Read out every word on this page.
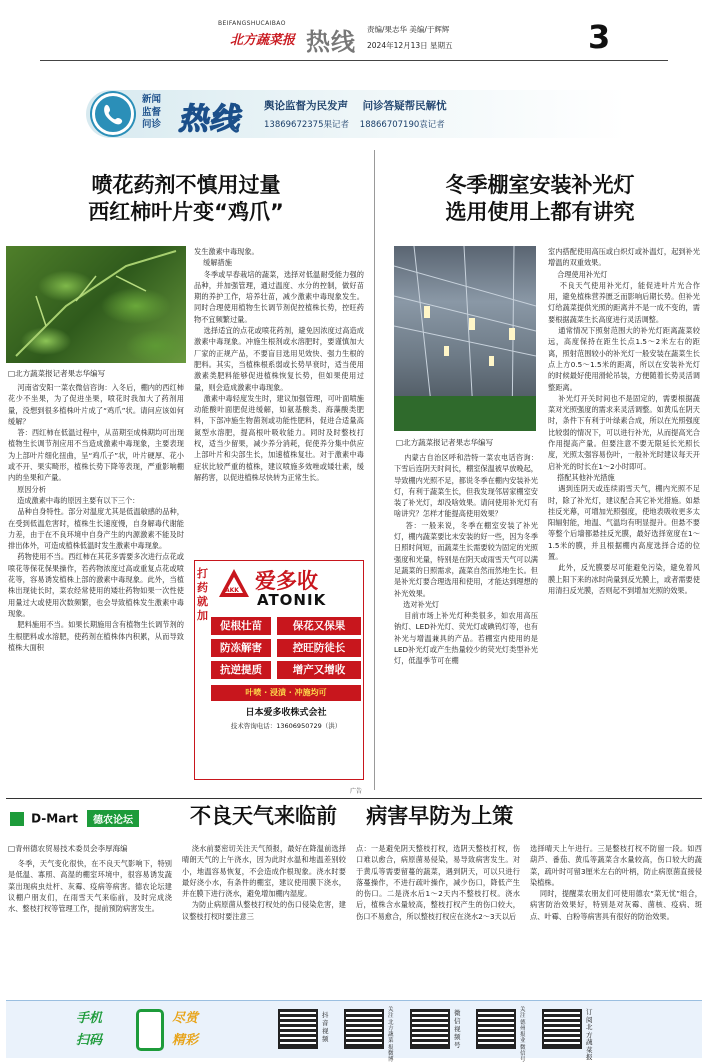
BEIFANGSHUCAIBAO
北方蔬菜报 热线 责编/果志华 美编/于辉辉
2024年12月13日 星期五	3
新闻
监督
问诊 热线 舆论监督为民发声    问诊答疑帮民解忧
13869672375果记者    18866707190袁记者
喷花药剂不慎用过量
西红柿叶片变“鸡爪”
□北方蔬菜报记者果志华编写
河南省安阳一菜农微信咨询：入冬后，棚内的西红柿花少不坐果，为了促进坐果，喷花时我加大了药剂用量，没想到很多植株叶片成了“鸡爪”状。请问应该如何缓解？
答：西红柿在低温过程中，从苗期至成株期均可出现植物生长调节剂应用不当造成激素中毒现象，主要表现为上部叶片细化扭曲，呈“鸡爪子”状，叶片硬厚、花小或不开、果实畸形，植株长势下降等表现，严重影响棚内的坐果和产量。
原因分析
造成激素中毒的原因主要有以下三个：
品种自身特性。部分对温度尤其是低温敏感的品种，在受到低温危害时，植株生长速度慢，自身解毒代谢能力差，由于在不良环境中自身产生的内源激素不能及时排出体外，可造成植株低温时发生激素中毒现象。
药物使用不当。西红柿在其花多需要多次进行点花或喷花等保花保果操作，若药物浓度过高或重复点花或喷花等，容易诱发植株上部的激素中毒现象。此外，当植株出现徒长时，菜农经常使用的矮壮药物如果一次性使用量过大或使用次数频繁，也会导致植株发生激素中毒现象。
肥料施用不当。如果长期施用含有植物生长调节剂的生根肥料或水溶肥，使药剂在植株体内积累，从而导致植株大面积
发生激素中毒现象。
缓解措施
冬季或早春栽培的蔬菜，选择对低温耐受能力强的品种，并加强管理，通过温度、水分的控制，做好苗期的养护工作，培养壮苗，减少激素中毒现象发生。同时合理使用植物生长调节剂促控植株长势，控旺药物不宜频繁过量。
选择适宜的点花或喷花药剂，避免因浓度过高造成激素中毒现象。冲施生根剂或水溶肥时，要谨慎加大厂家的正规产品，不要盲目选用见效快、强力生根的肥料。其实，当植株根系弱或长势旱衰时，适当使用激素类肥料能够促进植株恢复长势，但如果使用过量，则会造成激素中毒现象。
激素中毒轻度发生时，建议加强管理，可叶面喷施动能酸叶面肥促进缓解，如氨基酸类、海藻酸类肥料，下部冲施生物菌剂或功能性肥料，促进合适量高氮型水溶肥，提高根叶吸收能力。同时及时整枝打杈，适当少留果，减少养分消耗，促使养分集中供应上部叶片和尖部生长，加速植株复壮。对于激素中毒症状比较严重的植株，建议喷施多效唑或矮壮素，缓解药害，以促进植株尽快转为正常生长。
打药就加
AKK 爱多收
ATONIK
促根壮苗	保花又保果
防冻解害	控旺防徒长
抗逆提质	增产又增收
叶喷 · 浸渍 · 冲施均可
日本爱多收株式会社
技术咨询电话：13606950729（洪）
广告
冬季棚室安装补光灯
选用使用上都有讲究
□北方蔬菜报记者果志华编写
内蒙古自治区呼和浩特一菜农电话咨询：下雪后连阴天时间长，棚室保温被早放晚起，导致棚内光照不足，都说冬季在棚内安装补光灯，有利于蔬菜生长，但我发现邻居家棚室安装了补光灯，却没啥效果。请问使用补光灯有啥讲究？怎样才能提高使用效果？
答：一般来说，冬季在棚室安装了补光灯，棚内蔬菜要比未安装的好一些，因为冬季日照时间短，而蔬菜生长需要较为固定的光照强度和光量，特别是在阴天或雨雪天气可以满足蔬菜的日照需求，蔬菜自然而然地生长。但是补光灯要合理选用和使用，才能达到理想的补光效果。
选对补光灯
目前市场上补光灯种类很多，如农用高压钠灯、LED补光灯、荧光灯或碘钨灯等，也有补光与增温兼具的产品。若棚室内使用的是LED补光灯或产生热量较少的荧光灯类型补光灯，低温季节可在棚
室内搭配使用高压或白炽灯或补温灯，起到补光增温的双重效果。
合理使用补光灯
不良天气使用补光灯，能促进叶片光合作用，避免植株营养匮乏而影响后期长势。但补光灯给蔬菜提供光照的距离并不是一成不变的，需要根据蔬菜生长高度进行灵活调整。
通常情况下照射范围大的补光灯距离蔬菜较远，高度保持在距生长点1.5～2米左右的距离，照射范围较小的补光灯一般安装在蔬菜生长点上方0.5～1.5米的距离，所以在安装补光灯的时候最好使用滑轮吊装，方便随着长势灵活调整距离。
补光灯开关时间也不是固定的，需要根据蔬菜对光照强度的需求来灵活调整。如黄瓜在阴天时，条件下有利于叶绿素合成，所以在光照强度比较弱的情况下，可以进行补光，从而提高光合作用提高产量。但要注意不要无限延长光照长度，光照太强容易伤叶，一般补光时建议每天开启补光的时长在1～2小时即可。
搭配其他补光措施
遇到连阴天或连续雨雪天气，棚内光照不足时，除了补光灯，建议配合其它补光措施。如悬挂反光幕，可增加光照强度，使地表吸收更多太阳辐射能，地温、气温均有明显提升。但悬不要等整个后墙都悬挂反光膜，最好选择宽度在1～1.5米的膜，并且根据棚内高度选择合适的位置。
此外，反光膜要尽可能避免污染，避免着风膜上阳下来的冰时尚量到反光膜上，或者需要使用清扫反光膜，否则起不到增加光照的效果。
D-Mart 德农论坛	不良天气来临前    病害早防为上策
□青州德农贸易技术委员会李厚海编
冬季，天气变化很快，在不良天气影响下，特别是低温、寡照、高湿的棚室环境中，很容易诱发蔬菜出现病虫灶杆、灰霉、疫病等病害。德农论坛建议棚户朋友们，在雨雪天气来临前，及时完成浇水、整枝打杈等管理工作，提前预防病害发生。
浇水前要密切关注天气预报，最好在降温前选择晴朗天气的上午浇水，因为此时水温和地温差别较小，地温容易恢复，不会造成作根现象。浇水时要最好浇小水，有条件的棚室，建议使用膜下浇水，并在膜下进行浇水，避免增加棚内湿度。
为防止病原菌从整枝打杈处的伤口侵染危害，建议整枝打杈时要注意三
点：一是避免阴天整枝打杈，选阴天整枝打杈，伤口难以愈合，病原菌易侵染，易导致病害发生。对于黄瓜等需要留蔓的蔬菜，遇到阴天，可以只进行落蔓操作，不进行疏叶操作，减少伤口，降低产生的伤口。二是浇水后1～2天内不整枝打杈。浇水后，植株含水量较高，整枝打杈产生的伤口较大，伤口不易愈合，所以整枝打杈应在浇水2～3天以后
选择晴天上午进行。三是整枝打杈不防留一段。如西葫芦、番茄、黄瓜等蔬菜含水量较高，伤口较大的蔬菜，疏叶时可留3厘米左右的叶柄，防止病原菌直接侵染植株。
同时，提醒菜农朋友们可使用德农“菜无忧”组合，病害防治效果好，特别是对灰霉、菌核、疫病、斑点、叶霉、白粉等病害具有很好的防治效果。
手机
扫码
尽赏
精彩
抖音视频
关注北方蔬菜报微博
微信视频号
关注德州报业微信号
订阅北方蔬菜报
